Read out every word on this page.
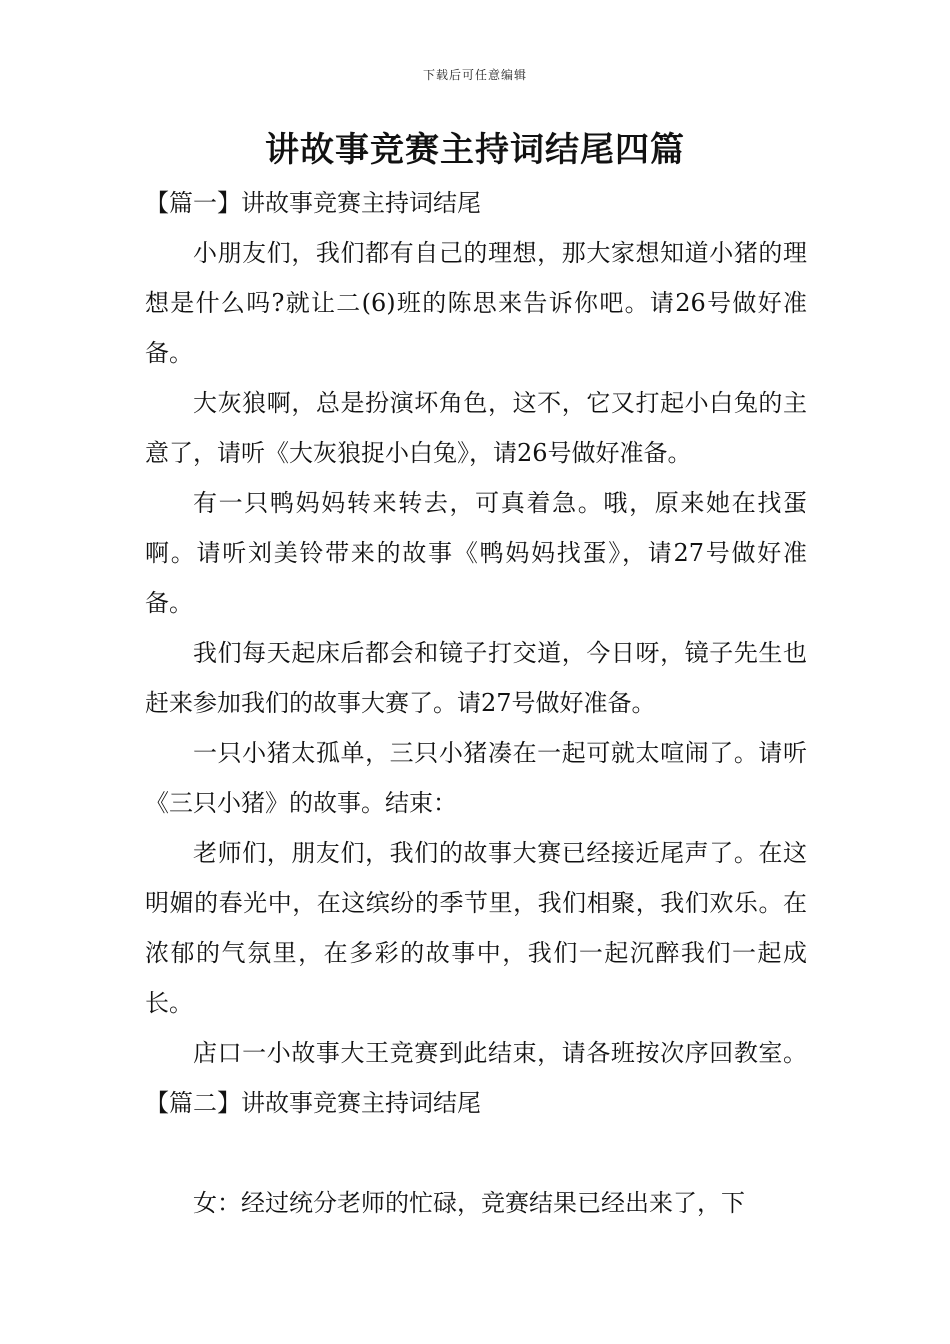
下载后可任意编辑
讲故事竞赛主持词结尾四篇

【篇一】讲故事竞赛主持词结尾

小朋友们，我们都有自己的理想，那大家想知道小猪的理想是什么吗?就让二(6)班的陈思来告诉你吧。请26号做好准备。

大灰狼啊，总是扮演坏角色，这不，它又打起小白兔的主意了，请听《大灰狼捉小白兔》，请26号做好准备。

有一只鸭妈妈转来转去，可真着急。哦，原来她在找蛋啊。请听刘美铃带来的故事《鸭妈妈找蛋》，请27号做好准备。

我们每天起床后都会和镜子打交道，今日呀，镜子先生也赶来参加我们的故事大赛了。请27号做好准备。

一只小猪太孤单，三只小猪凑在一起可就太喧闹了。请听《三只小猪》的故事。结束：

老师们，朋友们，我们的故事大赛已经接近尾声了。在这明媚的春光中，在这缤纷的季节里，我们相聚，我们欢乐。在浓郁的气氛里，在多彩的故事中，我们一起沉醉我们一起成长。

店口一小故事大王竞赛到此结束，请各班按次序回教室。【篇二】讲故事竞赛主持词结尾

女：经过统分老师的忙碌，竞赛结果已经出来了，下
